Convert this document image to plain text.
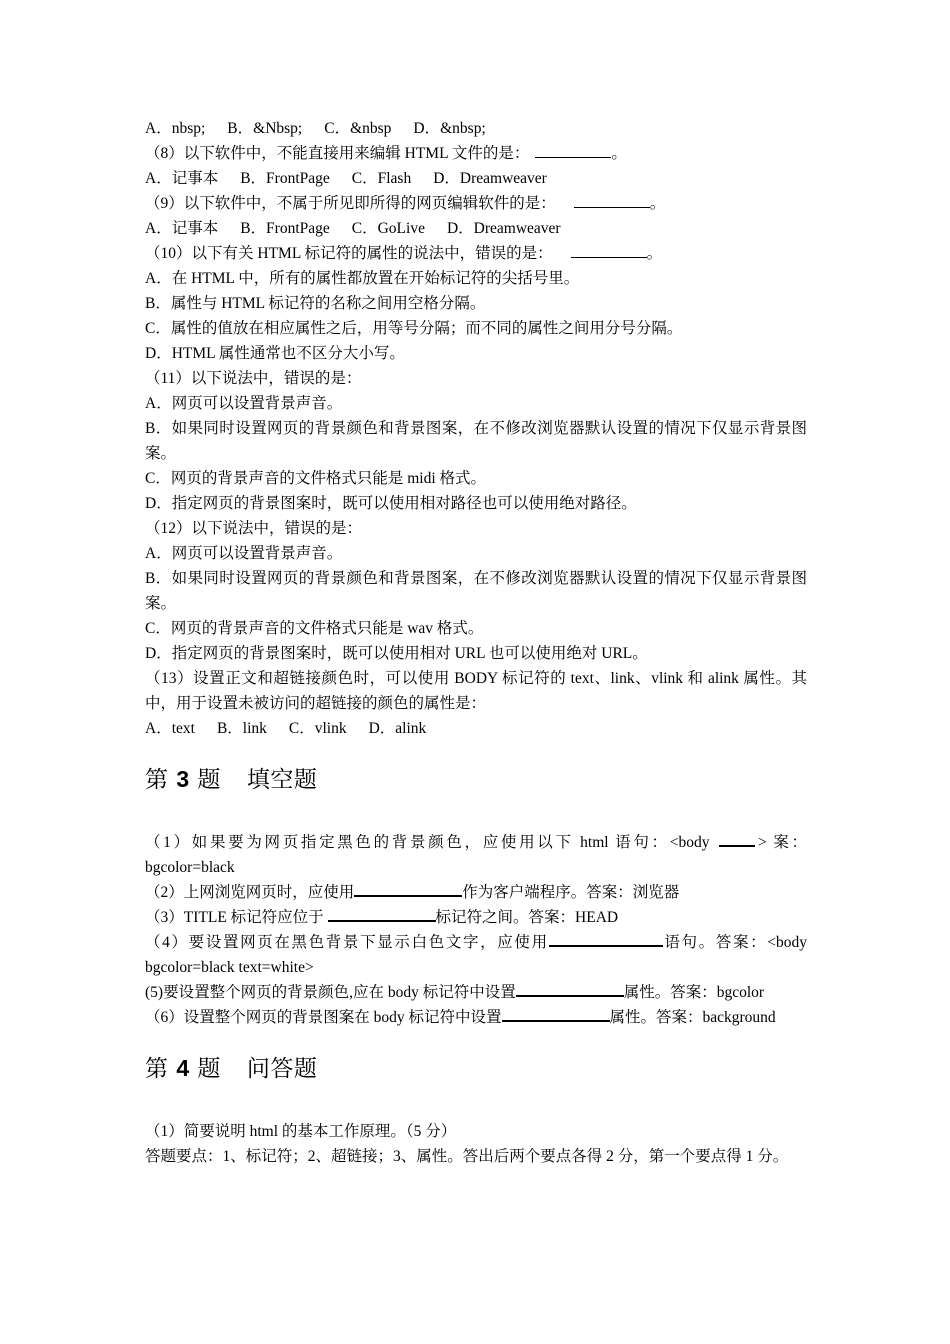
A．nbsp; B．&Nbsp; C．&nbsp D．&nbsp;
（8）以下软件中，不能直接用来编辑 HTML 文件的是：	。
A．记事本 B．FrontPage C．Flash D．Dreamweaver
（9）以下软件中，不属于所见即所得的网页编辑软件的是：	。
A．记事本 B．FrontPage C．GoLive D．Dreamweaver
（10）以下有关 HTML 标记符的属性的说法中，错误的是：	。
A．在 HTML 中，所有的属性都放置在开始标记符的尖括号里。
B．属性与 HTML 标记符的名称之间用空格分隔。
C．属性的值放在相应属性之后，用等号分隔；而不同的属性之间用分号分隔。
D．HTML 属性通常也不区分大小写。
（11）以下说法中，错误的是：
A．网页可以设置背景声音。
B．如果同时设置网页的背景颜色和背景图案，在不修改浏览器默认设置的情况下仅显示背景图案。
C．网页的背景声音的文件格式只能是 midi 格式。
D．指定网页的背景图案时，既可以使用相对路径也可以使用绝对路径。
（12）以下说法中，错误的是：
A．网页可以设置背景声音。
B．如果同时设置网页的背景颜色和背景图案，在不修改浏览器默认设置的情况下仅显示背景图案。
C．网页的背景声音的文件格式只能是 wav 格式。
D．指定网页的背景图案时，既可以使用相对 URL 也可以使用绝对 URL。
（13）设置正文和超链接颜色时，可以使用 BODY 标记符的 text、link、vlink 和 alink 属性。其中，用于设置未被访问的超链接的颜色的属性是：
A．text B．link C．vlink D．alink
第 3 题 填空题
（1）如果要为网页指定黑色的背景颜色，应使用以下 html 语句：<body	> 案：bgcolor=black
（2）上网浏览网页时，应使用	作为客户端程序。答案：浏览器
（3）TITLE 标记符应位于	标记符之间。答案：HEAD
（4）要设置网页在黑色背景下显示白色文字，应使用	语句。答案：<body bgcolor=black text=white>
(5)要设置整个网页的背景颜色,应在 body 标记符中设置	属性。答案：bgcolor
（6）设置整个网页的背景图案在 body 标记符中设置	属性。答案：background
第 4 题 问答题
（1）简要说明 html 的基本工作原理。（5 分）
答题要点：1、标记符；2、超链接；3、属性。答出后两个要点各得 2 分，第一个要点得 1 分。
